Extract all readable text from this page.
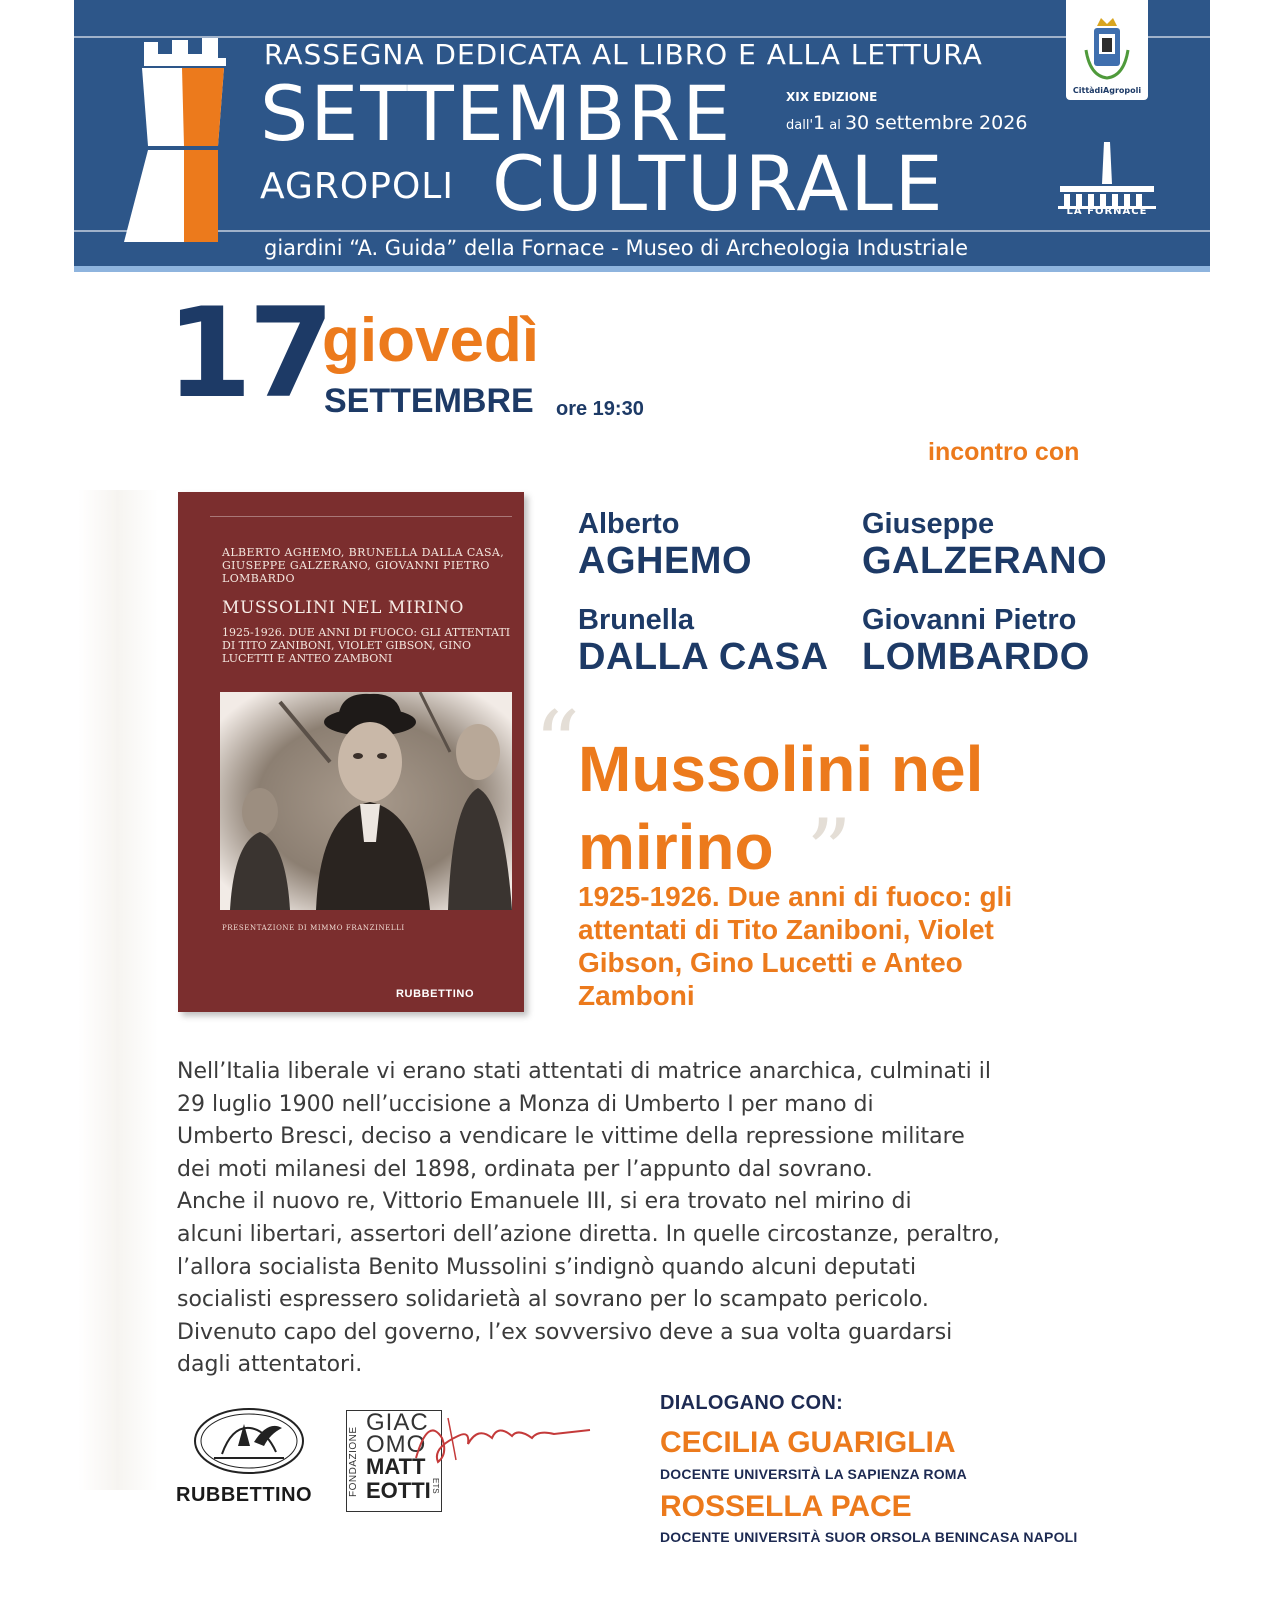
RASSEGNA DEDICATA AL LIBRO E ALLA LETTURA
SETTEMBRE	XIX EDIZIONE
dall'1 al 30 settembre 2026
AGROPOLI CULTURALE
giardini “A. Guida” della Fornace - Museo di Archeologia Industriale
CittàdiAgropoli
LA FORNACE
17
giovedì
SETTEMBRE ore 19:30
incontro con
ALBERTO AGHEMO, BRUNELLA DALLA CASA, GIUSEPPE GALZERANO, GIOVANNI PIETRO LOMBARDO
MUSSOLINI NEL MIRINO
1925-1926. DUE ANNI DI FUOCO: GLI ATTENTATI DI TITO ZANIBONI, VIOLET GIBSON, GINO LUCETTI E ANTEO ZAMBONI
PRESENTAZIONE DI MIMMO FRANZINELLI
RUBBETTINO
Alberto
AGHEMO
Giuseppe
GALZERANO
Brunella
DALLA CASA
Giovanni Pietro
LOMBARDO
“
Mussolini nel mirino ”
1925-1926. Due anni di fuoco: gli attentati di Tito Zaniboni, Violet Gibson, Gino Lucetti e Anteo Zamboni
Nell’Italia liberale vi erano stati attentati di matrice anarchica, culminati il
29 luglio 1900 nell’uccisione a Monza di Umberto I per mano di
Umberto Bresci, deciso a vendicare le vittime della repressione militare
dei moti milanesi del 1898, ordinata per l’appunto dal sovrano.
Anche il nuovo re, Vittorio Emanuele III, si era trovato nel mirino di
alcuni libertari, assertori dell’azione diretta. In quelle circostanze, peraltro,
l’allora socialista Benito Mussolini s’indignò quando alcuni deputati
socialisti espressero solidarietà al sovrano per lo scampato pericolo.
Divenuto capo del governo, l’ex sovversivo deve a sua volta guardarsi
dagli attentatori.
RUBBETTINO	FONDAZIONE
GIAC
OMO
MATT
EOTTI ETS
DIALOGANO CON:
CECILIA GUARIGLIA
DOCENTE UNIVERSITÀ LA SAPIENZA ROMA
ROSSELLA PACE
DOCENTE UNIVERSITÀ SUOR ORSOLA BENINCASA NAPOLI
